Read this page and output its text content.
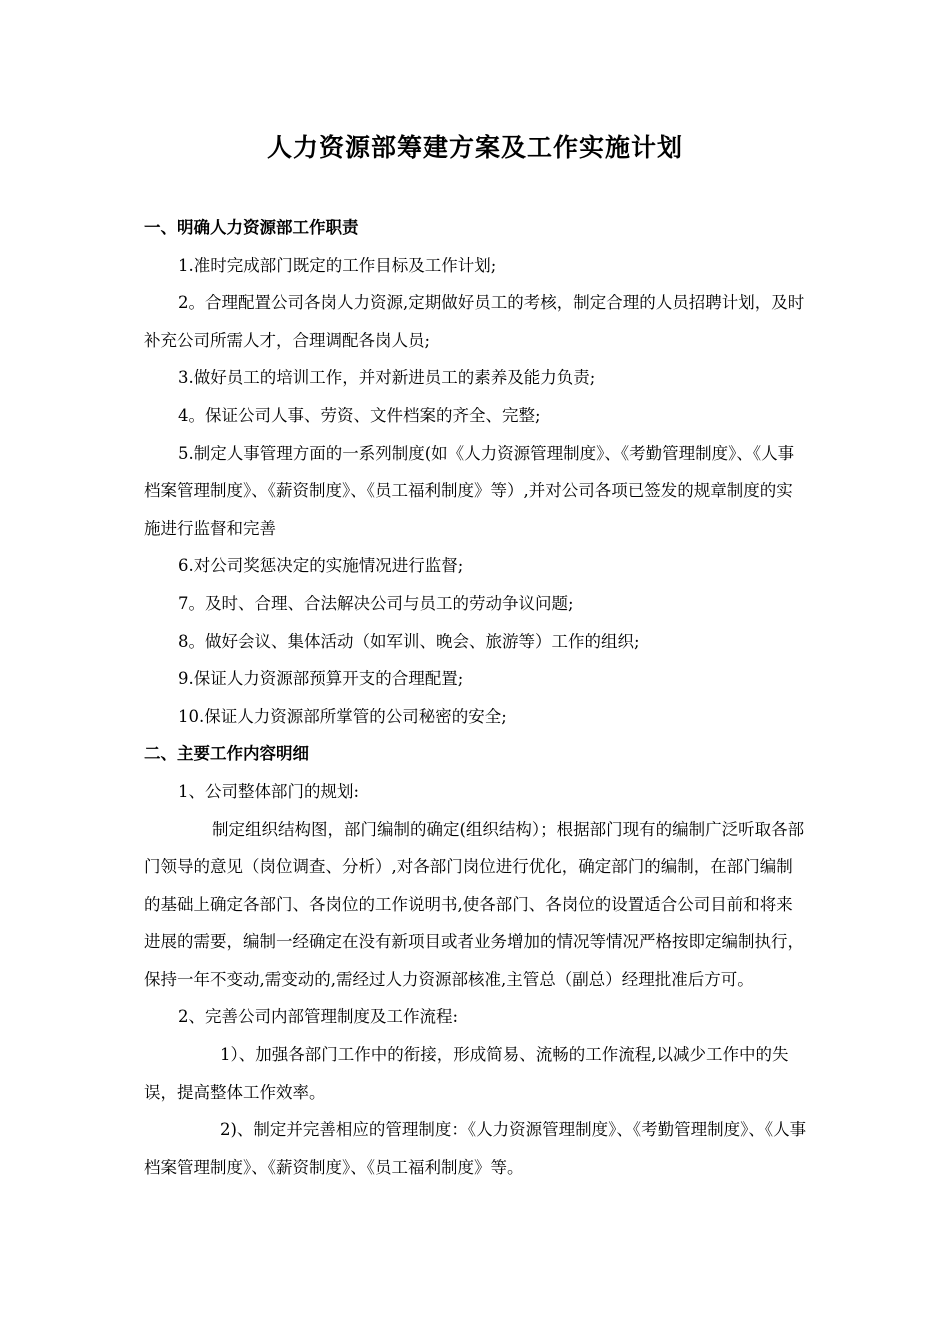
人力资源部筹建方案及工作实施计划

一、明确人力资源部工作职责

1.准时完成部门既定的工作目标及工作计划;

2。合理配置公司各岗人力资源,定期做好员工的考核，制定合理的人员招聘计划，及时补充公司所需人才，合理调配各岗人员;

3.做好员工的培训工作，并对新进员工的素养及能力负责;

4。保证公司人事、劳资、文件档案的齐全、完整;

5.制定人事管理方面的一系列制度(如《人力资源管理制度》、《考勤管理制度》、《人事档案管理制度》、《薪资制度》、《员工福利制度》等）,并对公司各项已签发的规章制度的实施进行监督和完善

6.对公司奖惩决定的实施情况进行监督;

7。及时、合理、合法解决公司与员工的劳动争议问题;

8。做好会议、集体活动（如军训、晚会、旅游等）工作的组织;

9.保证人力资源部预算开支的合理配置;

10.保证人力资源部所掌管的公司秘密的安全;

二、主要工作内容明细

1、公司整体部门的规划:

制定组织结构图，部门编制的确定(组织结构）；根据部门现有的编制广泛听取各部门领导的意见（岗位调查、分析）,对各部门岗位进行优化，确定部门的编制，在部门编制的基础上确定各部门、各岗位的工作说明书,使各部门、各岗位的设置适合公司目前和将来进展的需要，编制一经确定在没有新项目或者业务增加的情况等情况严格按即定编制执行，保持一年不变动,需变动的,需经过人力资源部核准,主管总（副总）经理批准后方可。

2、完善公司内部管理制度及工作流程:

1）、加强各部门工作中的衔接，形成简易、流畅的工作流程,以减少工作中的失误，提高整体工作效率。

2)、制定并完善相应的管理制度：《人力资源管理制度》、《考勤管理制度》、《人事档案管理制度》、《薪资制度》、《员工福利制度》等。
